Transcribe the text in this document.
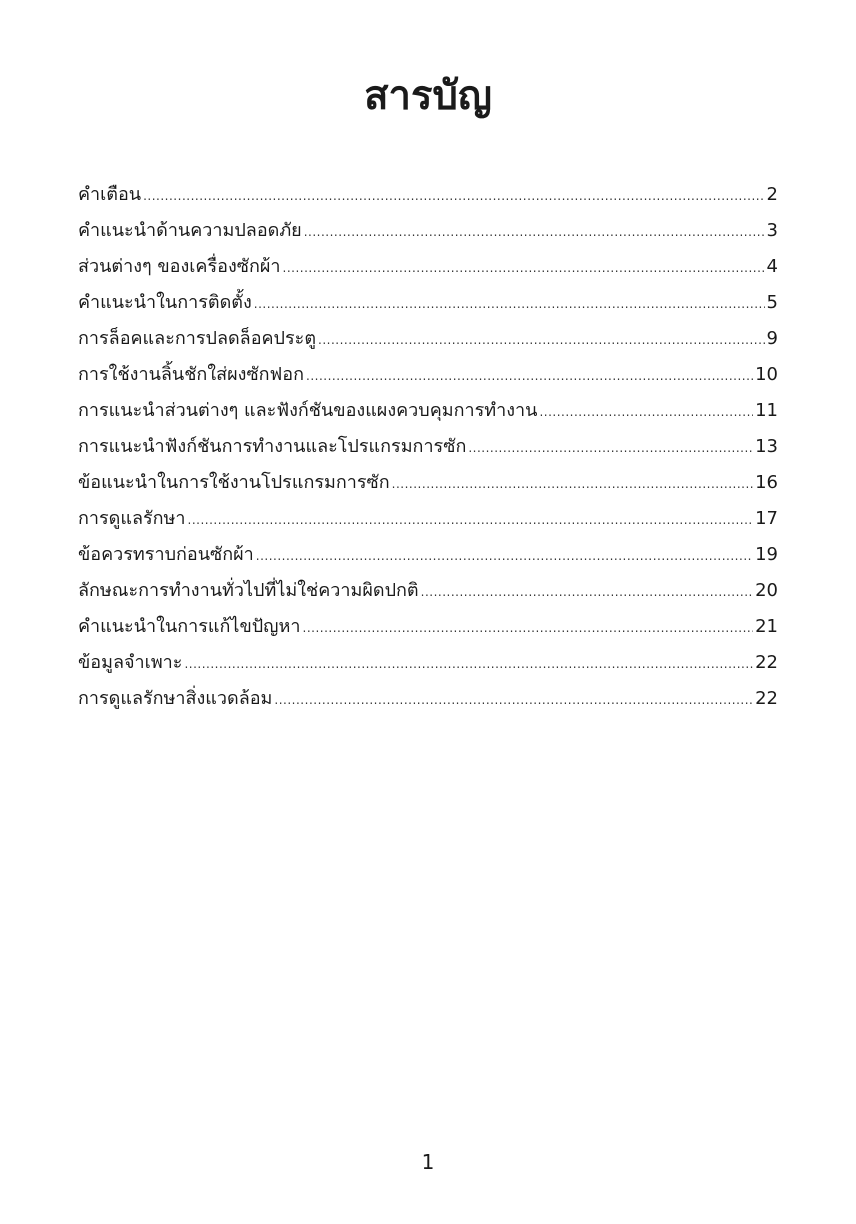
สารบัญ
คำเตือน .....	2
คำแนะนำด้านความปลอดภัย .....	3
ส่วนต่างๆ ของเครื่องซักผ้า .....	4
คำแนะนำในการติดตั้ง .....	5
การล็อคและการปลดล็อคประตู .....	9
การใช้งานลิ้นชักใส่ผงซักฟอก .....	10
การแนะนำส่วนต่างๆ และฟังก์ชันของแผงควบคุมการทำงาน .....	11
การแนะนำฟังก์ชันการทำงานและโปรแกรมการซัก .....	13
ข้อแนะนำในการใช้งานโปรแกรมการซัก .....	16
การดูแลรักษา .....	17
ข้อควรทราบก่อนซักผ้า .....	19
ลักษณะการทำงานทั่วไปที่ไม่ใช่ความผิดปกติ .....	20
คำแนะนำในการแก้ไขปัญหา .....	21
ข้อมูลจำเพาะ .....	22
การดูแลรักษาสิ่งแวดล้อม .....	22
1
